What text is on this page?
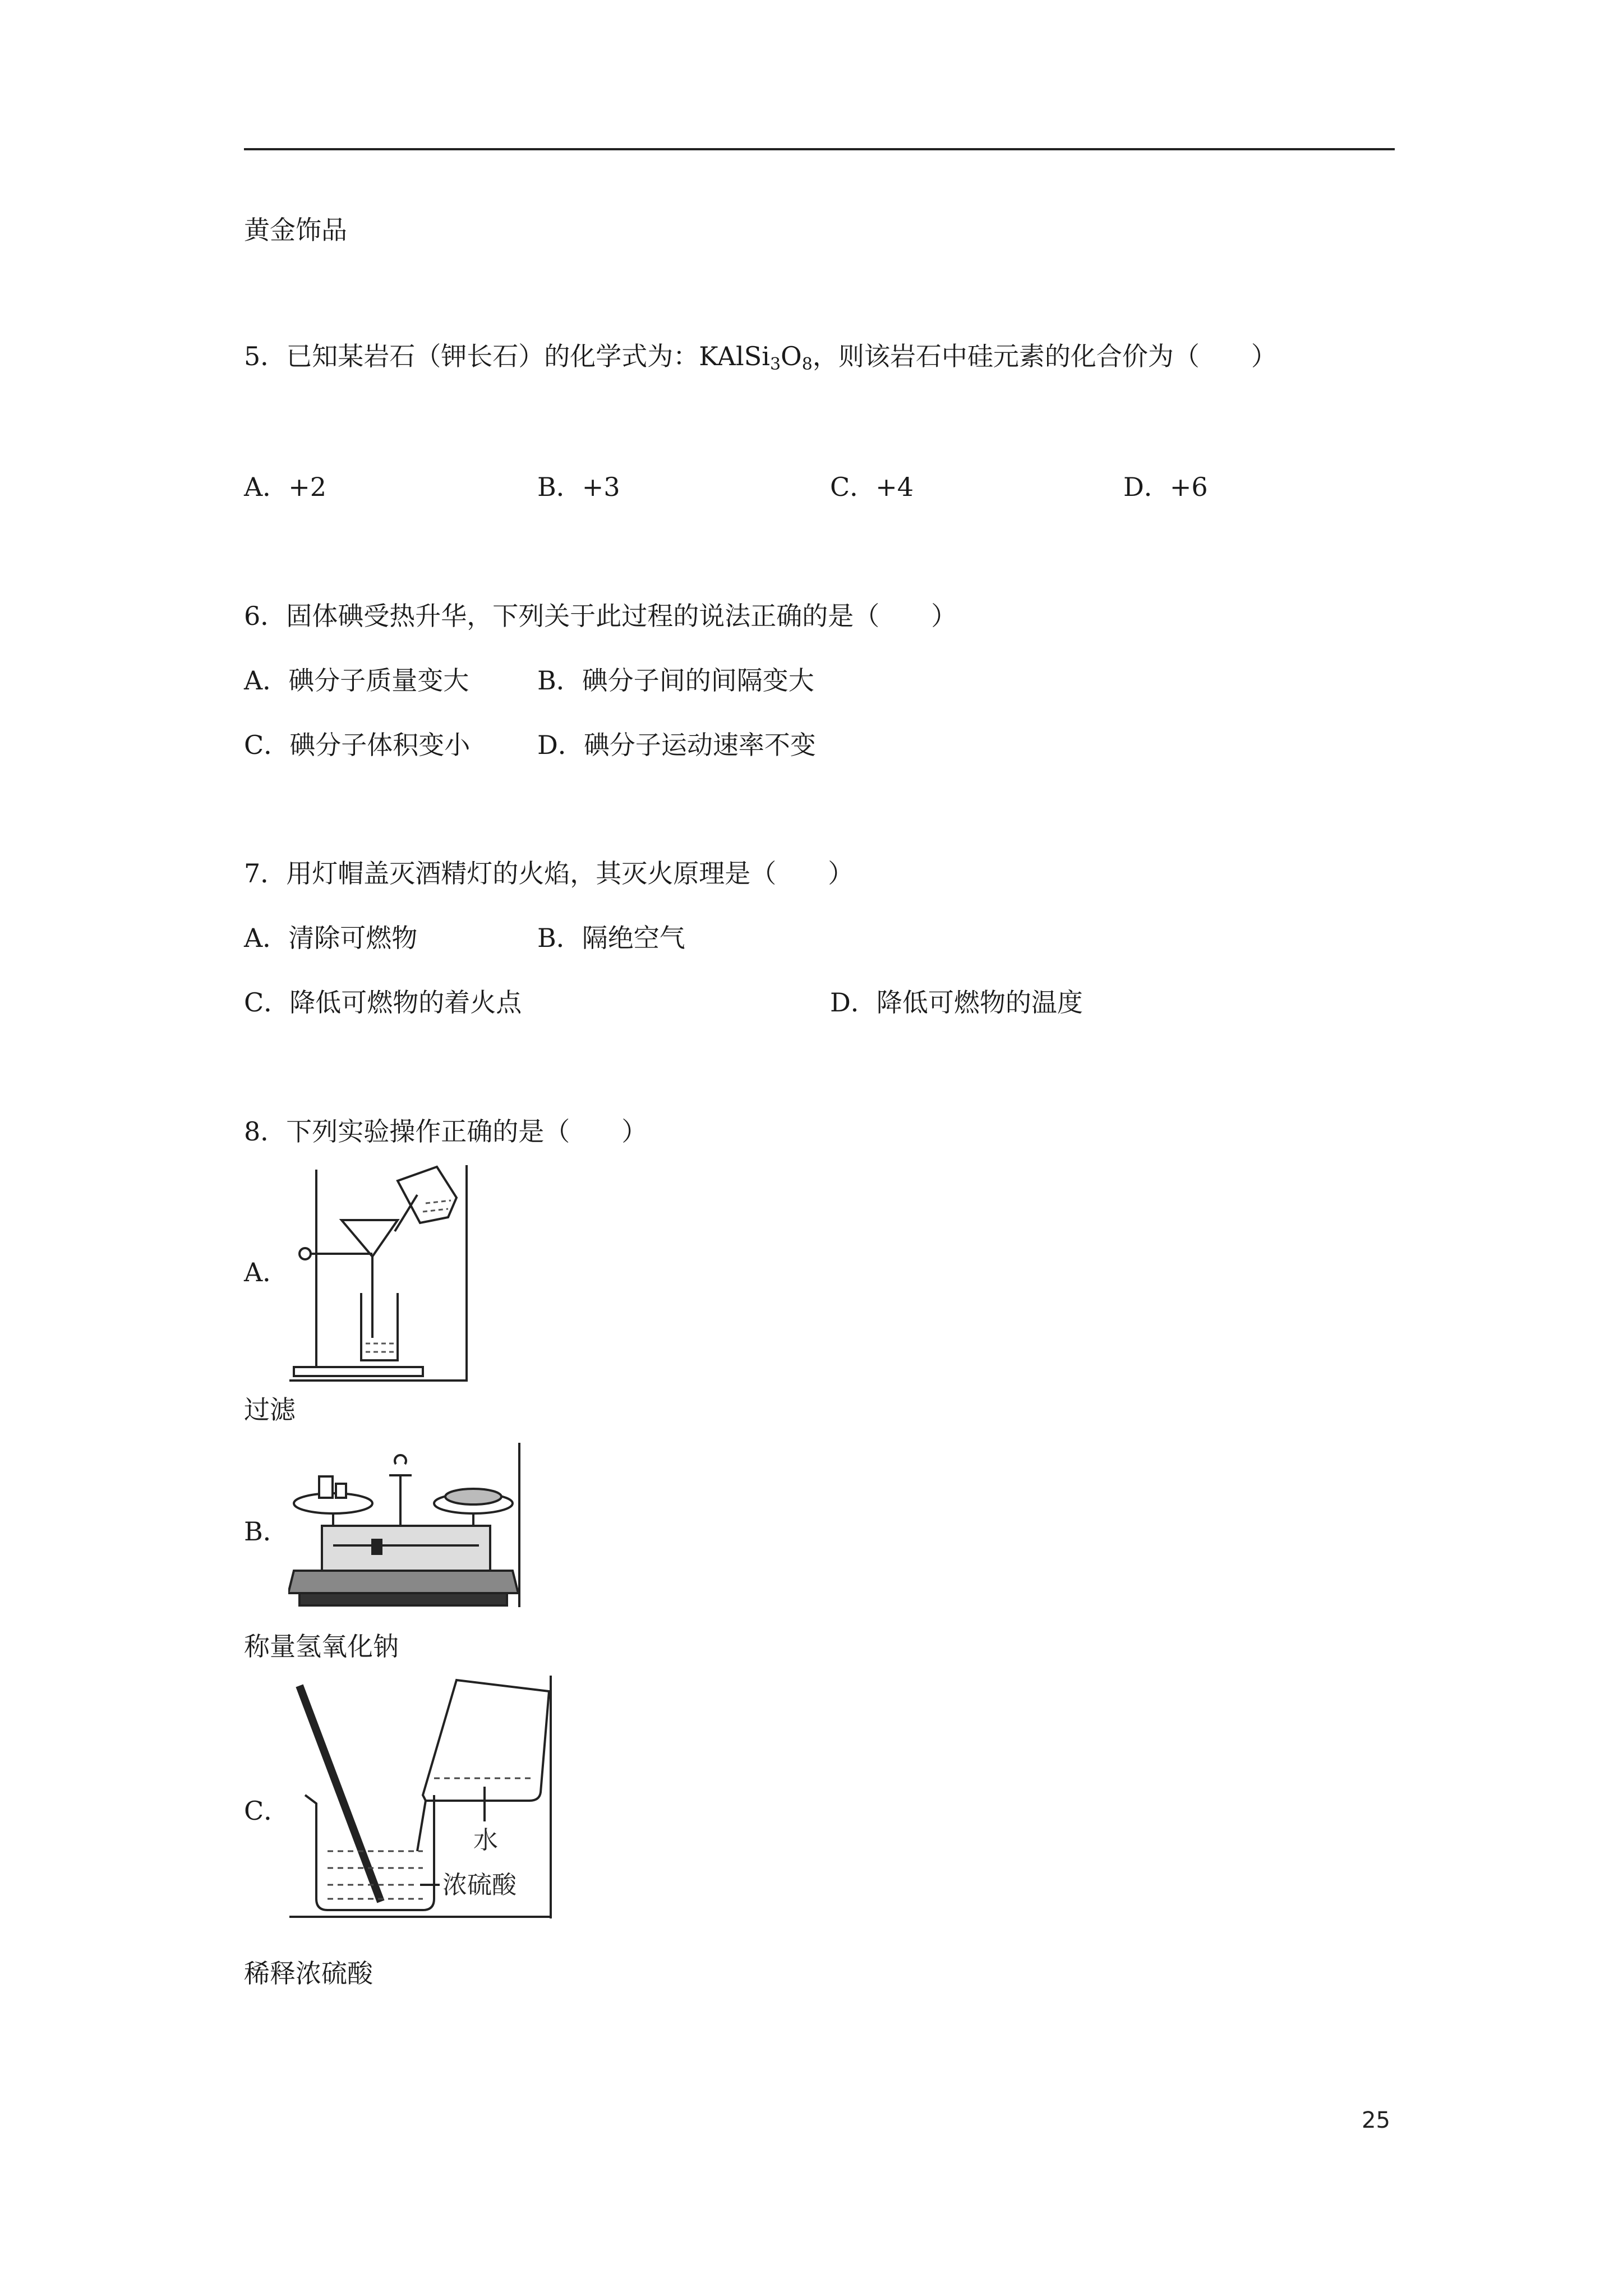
黄金饰品
5．已知某岩石（钾长石）的化学式为：$KAlSi_3O_8$，则该岩石中硅元素的化合价为（　　）
A．+2	B．+3	C．+4	D．+6
6．固体碘受热升华，下列关于此过程的说法正确的是（　　）
A．碘分子质量变大	B．碘分子间的间隔变大
C．碘分子体积变小	D．碘分子运动速率不变
7．用灯帽盖灭酒精灯的火焰，其灭火原理是（　　）
A．清除可燃物	B．隔绝空气
C．降低可燃物的着火点	D．降低可燃物的温度
8．下列实验操作正确的是（　　）
A．
过滤
B．
称量氢氧化钠
C．
水
浓硫酸
稀释浓硫酸
25
